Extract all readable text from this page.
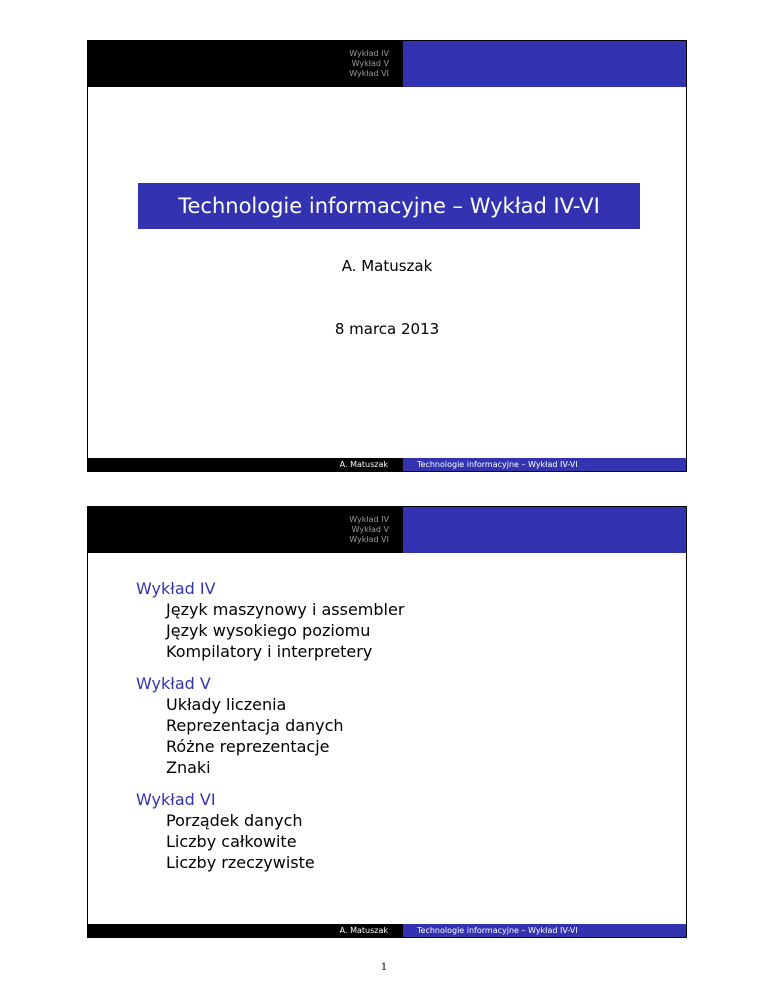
Wykład IV
Wykład V
Wykład VI
Technologie informacyjne – Wykład IV-VI
A. Matuszak
8 marca 2013
A. Matuszak	Technologie informacyjne – Wykład IV-VI
Wykład IV
Wykład V
Wykład VI
Wykład IV
Język maszynowy i assembler
Język wysokiego poziomu
Kompilatory i interpretery
Wykład V
Układy liczenia
Reprezentacja danych
Różne reprezentacje
Znaki
Wykład VI
Porządek danych
Liczby całkowite
Liczby rzeczywiste
A. Matuszak	Technologie informacyjne – Wykład IV-VI
1
